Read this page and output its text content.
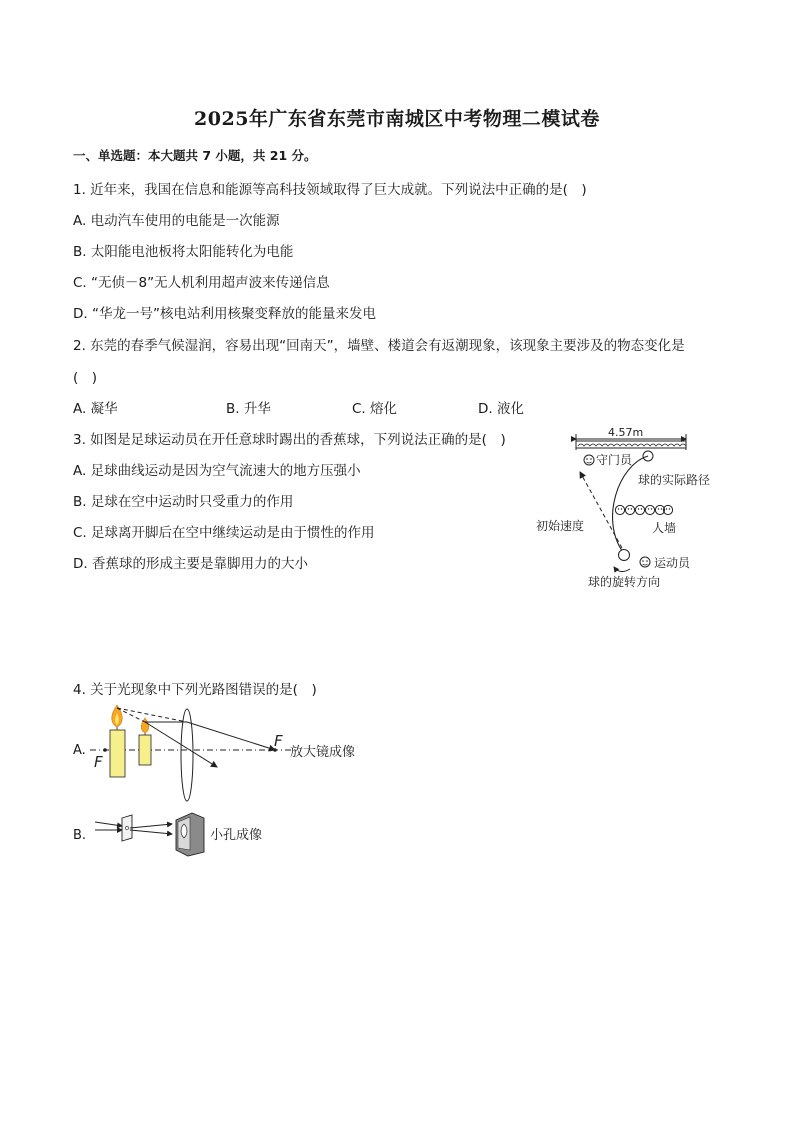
2025年广东省东莞市南城区中考物理二模试卷
一、单选题：本大题共 7 小题，共 21 分。
1. 近年来，我国在信息和能源等高科技领域取得了巨大成就。下列说法中正确的是(　)
A. 电动汽车使用的电能是一次能源
B. 太阳能电池板将太阳能转化为电能
C. “无侦－8”无人机利用超声波来传递信息
D. “华龙一号”核电站利用核聚变释放的能量来发电
2. 东莞的春季气候湿润，容易出现“回南天”，墙壁、楼道会有返潮现象，该现象主要涉及的物态变化是
(　)
A. 凝华	B. 升华	C. 熔化	D. 液化
3. 如图是足球运动员在开任意球时踢出的香蕉球，下列说法正确的是(　)
A. 足球曲线运动是因为空气流速大的地方压强小
B. 足球在空中运动时只受重力的作用
C. 足球离开脚后在空中继续运动是由于惯性的作用
D. 香蕉球的形成主要是靠脚用力的大小
4.57m
守门员
球的实际路径
初始速度	人墙
运动员
球的旋转方向
4. 关于光现象中下列光路图错误的是(　)
A.
F
F
放大镜成像
B.	小孔成像
